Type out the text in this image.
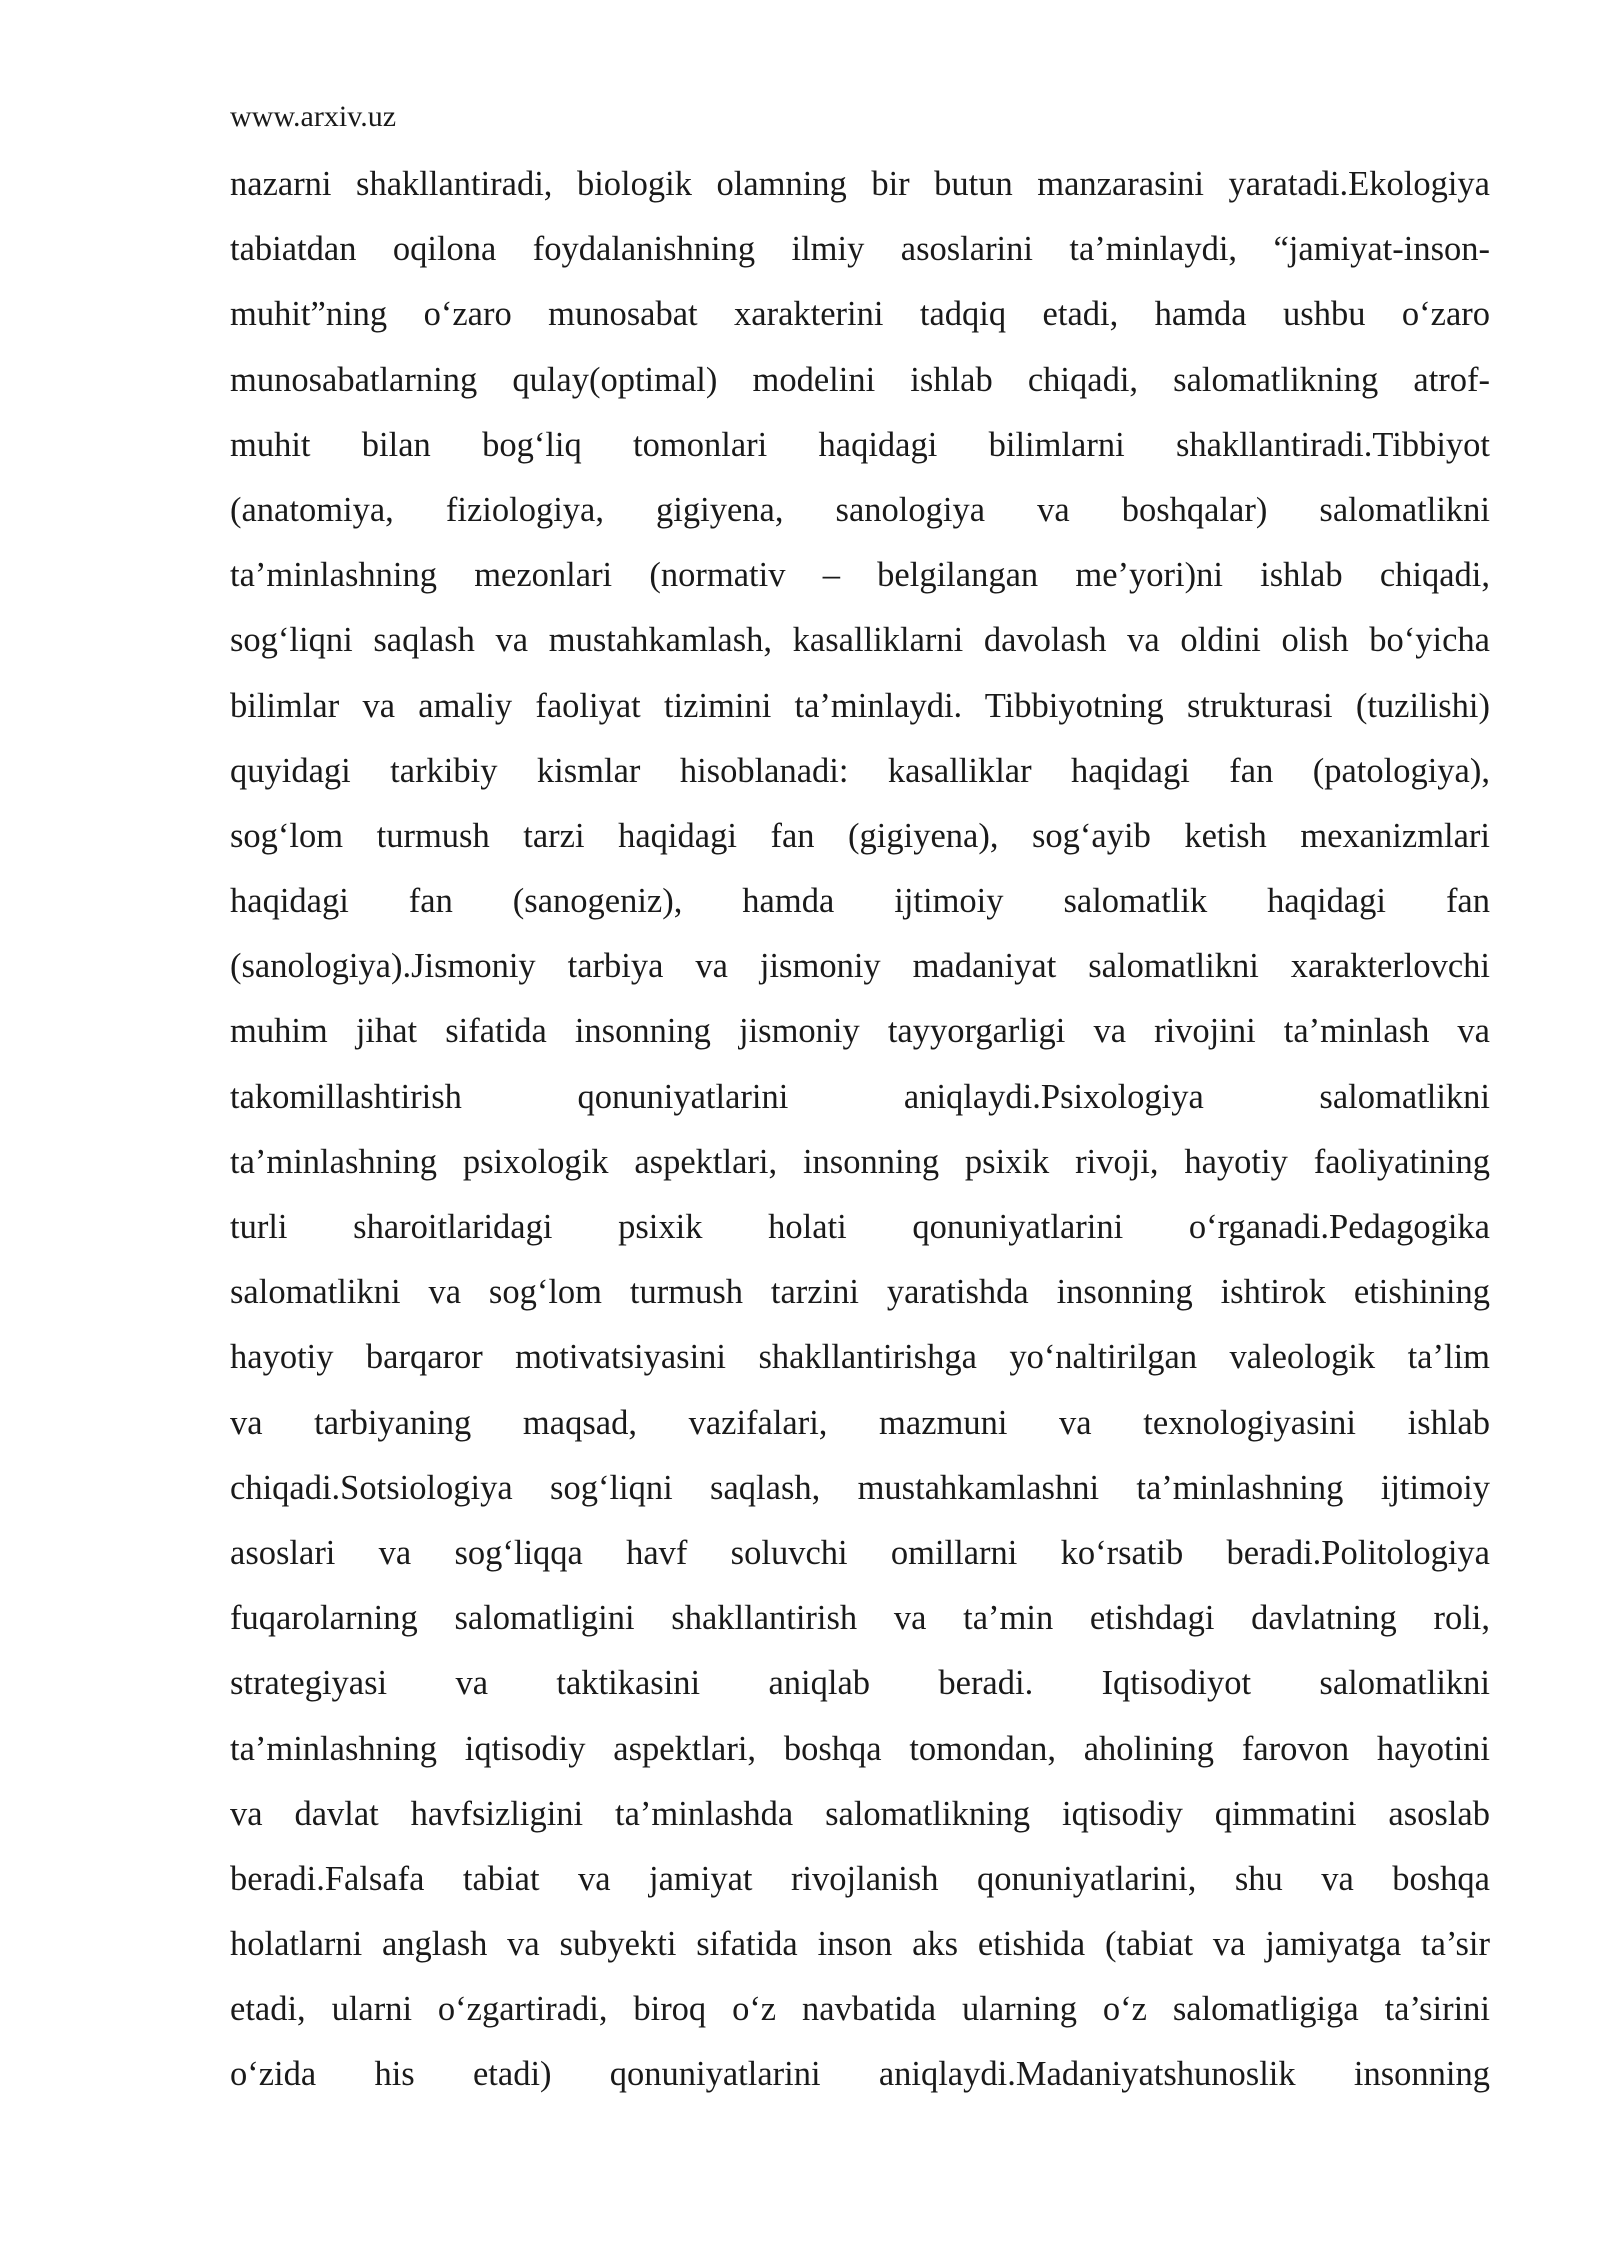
www.arxiv.uz
nazarni shakllantiradi, biologik olamning bir butun manzarasini yaratadi.Ekologiya
tabiatdan oqilona foydalanishning ilmiy asoslarini ta’minlaydi, “jamiyat-inson-
muhit”ning o‘zaro munosabat xarakterini tadqiq etadi, hamda ushbu o‘zaro
munosabatlarning qulay(optimal) modelini ishlab chiqadi, salomatlikning atrof-
muhit bilan bog‘liq tomonlari haqidagi bilimlarni shakllantiradi.Tibbiyot
(anatomiya, fiziologiya, gigiyena, sanologiya va boshqalar) salomatlikni
ta’minlashning mezonlari (normativ – belgilangan me’yori)ni ishlab chiqadi,
sog‘liqni saqlash va mustahkamlash, kasalliklarni davolash va oldini olish bo‘yicha
bilimlar va amaliy faoliyat tizimini ta’minlaydi. Tibbiyotning strukturasi (tuzilishi)
quyidagi tarkibiy kismlar hisoblanadi: kasalliklar haqidagi fan (patologiya),
sog‘lom turmush tarzi haqidagi fan (gigiyena), sog‘ayib ketish mexanizmlari
haqidagi fan (sanogeniz), hamda ijtimoiy salomatlik haqidagi fan
(sanologiya).Jismoniy tarbiya va jismoniy madaniyat salomatlikni xarakterlovchi
muhim jihat sifatida insonning jismoniy tayyorgarligi va rivojini ta’minlash va
takomillashtirish qonuniyatlarini aniqlaydi.Psixologiya salomatlikni
ta’minlashning psixologik aspektlari, insonning psixik rivoji, hayotiy faoliyatining
turli sharoitlaridagi psixik holati qonuniyatlarini o‘rganadi.Pedagogika
salomatlikni va sog‘lom turmush tarzini yaratishda insonning ishtirok etishining
hayotiy barqaror motivatsiyasini shakllantirishga yo‘naltirilgan valeologik ta’lim
va tarbiyaning maqsad, vazifalari, mazmuni va texnologiyasini ishlab
chiqadi.Sotsiologiya sog‘liqni saqlash, mustahkamlashni ta’minlashning ijtimoiy
asoslari va sog‘liqqa havf soluvchi omillarni ko‘rsatib beradi.Politologiya
fuqarolarning salomatligini shakllantirish va ta’min etishdagi davlatning roli,
strategiyasi va taktikasini aniqlab beradi. Iqtisodiyot salomatlikni
ta’minlashning iqtisodiy aspektlari, boshqa tomondan, aholining farovon hayotini
va davlat havfsizligini ta’minlashda salomatlikning iqtisodiy qimmatini asoslab
beradi.Falsafa tabiat va jamiyat rivojlanish qonuniyatlarini, shu va boshqa
holatlarni anglash va subyekti sifatida inson aks etishida (tabiat va jamiyatga ta’sir
etadi, ularni o‘zgartiradi, biroq o‘z navbatida ularning o‘z salomatligiga ta’sirini
o‘zida his etadi) qonuniyatlarini aniqlaydi.Madaniyatshunoslik insonning
